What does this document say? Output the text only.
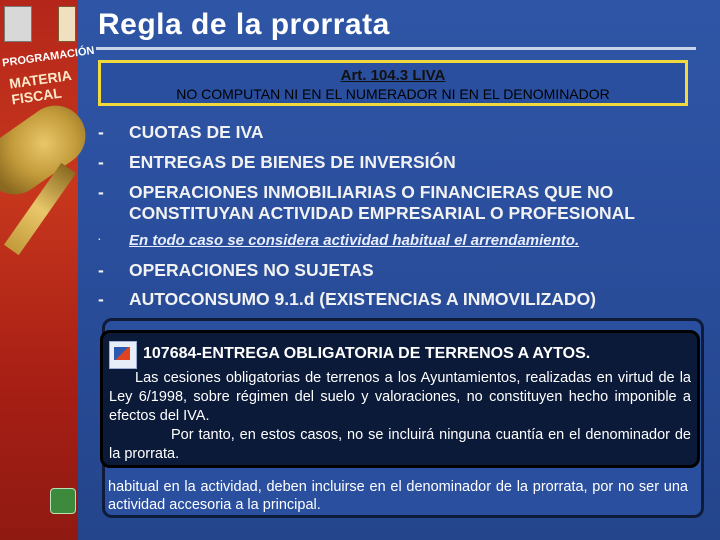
PROGRAMACIÓN
MATERIA FISCAL
Regla de la prorrata
Art. 104.3 LIVA
NO COMPUTAN NI EN EL NUMERADOR NI EN EL DENOMINADOR
-	CUOTAS DE IVA
-	ENTREGAS DE BIENES DE INVERSIÓN
-	OPERACIONES INMOBILIARIAS O FINANCIERAS QUE NO CONSTITUYAN ACTIVIDAD EMPRESARIAL O PROFESIONAL
. En todo caso se considera actividad habitual el arrendamiento.
-	OPERACIONES NO SUJETAS
-	AUTOCONSUMO 9.1.d (EXISTENCIAS A INMOVILIZADO)
habitual en la actividad, deben incluirse en el denominador de la prorrata, por no ser una actividad accesoria a la principal.
107684-ENTREGA OBLIGATORIA DE TERRENOS A AYTOS.

Las cesiones obligatorias de terrenos a los Ayuntamientos, realizadas en virtud de la Ley 6/1998, sobre régimen del suelo y valoraciones, no constituyen hecho imponible a efectos del IVA.

Por tanto, en estos casos, no se incluirá ninguna cuantía en el denominador de la prorrata.
